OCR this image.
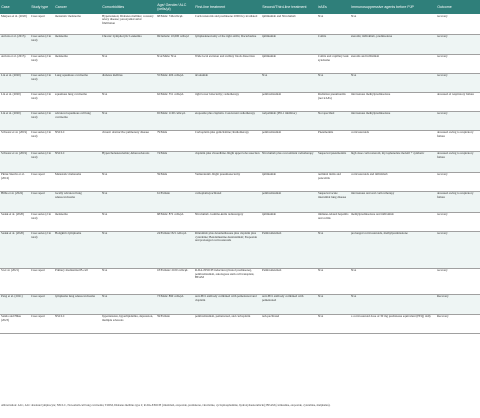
Case	Study type	Cancer	Comorbidities	Age/ Gender/ ALC (cells/μl)	First-line treatment	Second/Third-line treatment	irAEs	Immunosuppressive agents before PJP	Outcome
Mesjaoa et al. (2020)	Case report	metastatic melanoma	Hypertension; Diabetes mellitus; coronary artery disease; paroxysmal atrial fibrillation	68/Male/ 746cells/μL	Corticosteroids and prednisone 2000cGy irradiated	ipilimumab and Nivolumab	N/A	N/A	recovery
Arriola et al. (2015)	Case series (2 in total)	melanoma	Chronic Lymphocytic Leukemia	69/female/ 10,000 cells/μl	lymphadenectomy of the right axilla; Dacarbazine	ipilimumab	Colitis	steroids; infliximab, prednisolone	recovery
Arriola et al. (2015)	Case series (2 in total)	melanoma	N/A	N/A/Male/ N/A	Wide local excision and axillary block dissection	ipilimumab	Colitis and capillary leak syndrome	steroids and infliximab	recovery
Lin et al. (2020)	Case series (2 in total)	Lung squamous carcinoma	diabetes mellitus	55/Male/ 406 cells/μL	nivolumab	N/A	N/A	N/A	recovery
Lin et al. (2020)	Case series (2 in total)	squamous lung carcinoma	N/A	62/Male/ 551 cells/μL	right lower lobectomy; radiotherapy	pembrolizumab	Radiation pneumonitis (not irAEs)	intravenous methylprednisolone	deceased of respiratory failure
Lin et al. (2020)	Case series (2 in total)	advanced squamous cell lung carcinoma	N/A	65/Male/ 1100 cells/μL	etoposide plus cisplatin. Concurrent radiotherapy	toripalimab (PD-1 inhibitor)	Not specified	intravenous methylprednisolone	recovery
Schwarz et al. (2019)	Case series (2 in total)	NSCLC	chronic obstructive pulmonary disease	79/Male	Carboplatin plus gemcitabine; Radiotherapy	pembrolizumab	Pneumonitis	corticosteroids	deceased owing to respiratory failure
Schwarz et al. (2019)	Case series (2 in total)	NSCLC	Hypercholesterolemia; Atherosclerosis	74/Male	cisplatin plus vinorelbine. Right upper lobe resection	Nivolumab plus concomitant radiotherapy	Suspected pneumonitis	high dose corticosteroid, mycophenolate mofetil + synthetic	deceased owing to respiratory failure
Pintur-Skevin et al. (2016)	Case report	Metastatic melanoma	N/A	59/Male	Vemurafenib. Right pneumonectomy	ipilimumab	terminal ileitis and pancolitis	corticosteroids and infliximab	recovery
Hilhs et al. (2022)	Case report	locally advanced lung adenocarcinoma	N/A	61/Female	carboplatin/paclitaxel	pembrolizumab	Suspected acute interstitial lung disease	intravenous and oral corticotherapy	deceased owing to respiratory failure
Sadek et al. (2020)	Case series (2 in total)	melanoma	N/A	68/Male/ 872 cells/μL	Nivolumab. Gamma-knife radiosurgery	ipilimumab	immune-related hepatitis and colitis	methylprednisolone and infliximab	recovery
Sadek et al. (2020)	Case series (2 in total)	Hodgkin's lymphoma	N/A	24/Female/ 821 cells/μL	Rituximab plus dexamethasone plus cisplatin plus cytarabine; Bendamustine-brentuximab; Etoposide and prolonged corticosteroids	Pembrolizumab	N/A	prolonged corticosteroids, methylprednisolone	recovery
Si et al. (2021)	Case report	Primary mediastinal B-cell	N/A	18/Female/ 2100 cells/μL	R-DA-EPOCH induction (rituxof prednisone), pembrolizumab, autologous stem cell transplant, BEAM	Pembrolizumab	N/A	N/A	recovery
Peng et al. (2021)	Case report	lymphoma lung adenocarcinoma	N/A	73/Male/ 890 cells/μL	anti-PD1 antibody combined with pemetrexed and cisplatin	anti-PD1 antibody combined with pemetrexed	N/A	N/A	Recovery
Santia and Hhsu (2023)	Case report	NSCLC	hypertension, hyperlipidemia, depression, multiple sclerosis	59/Female	pembrolizumab, pemetrexed, and carboplatin	nab-paclitaxel	N/A	a corticosteroid dose of 30 mg prednisone equivalent (PEQ) daily	Recovery
Abbreviation: ALC, ALC absolute lymphocyte; NSCLC, Non-small-cell lung carcinoma; T2DM, Diabetes mellitus type 2; R-DA-EPOCH (rituximab, etoposide, prednisone, vincristine, cyclophosphamide, hydroxydaunorubicin); BEAM (carmustine, etoposide, cytarabine, melphalan).
